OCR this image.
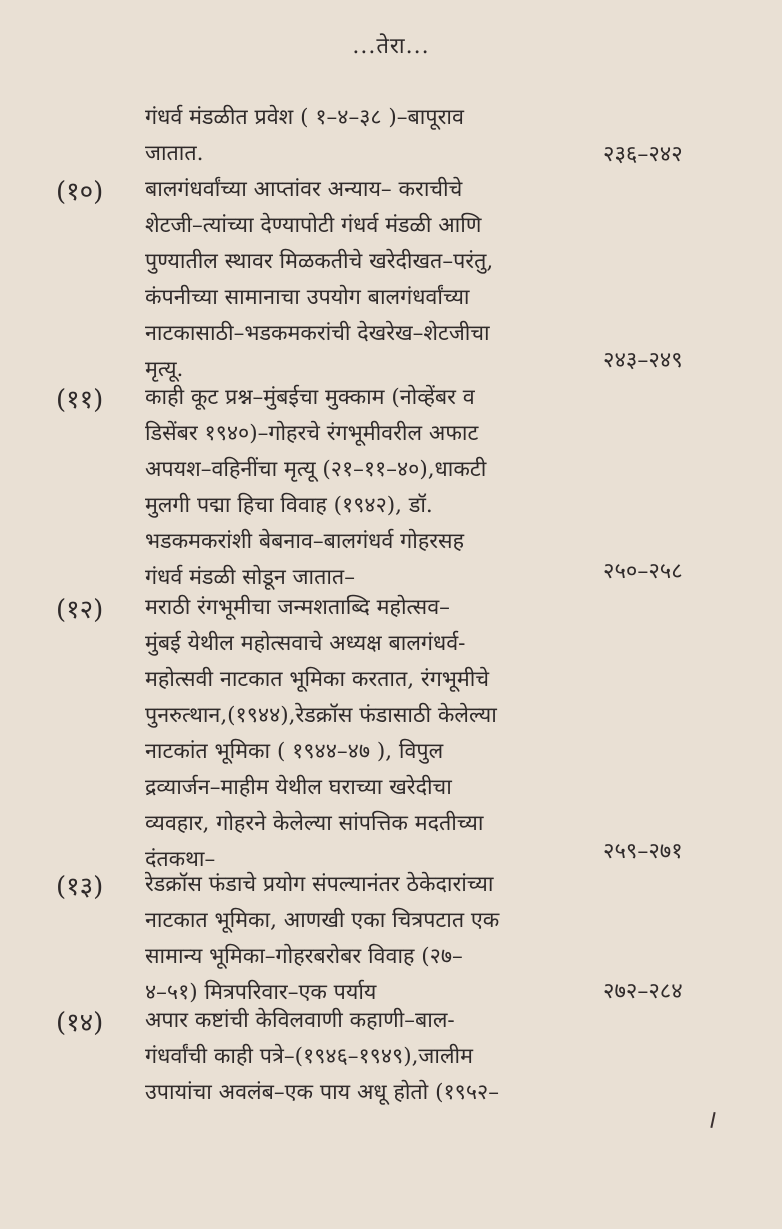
...तेरा...

गंधर्व मंडळीत प्रवेश ( १–४–३८ )–बापूराव
जातात.	२३६–२४२
(१०) बालगंधर्वांच्या आप्तांवर अन्याय– कराचीचे
शेटजी–त्यांच्या देण्यापोटी गंधर्व मंडळी आणि
पुण्यातील स्थावर मिळकतीचे खरेदीखत–परंतु,
कंपनीच्या सामानाचा उपयोग बालगंधर्वांच्या
नाटकासाठी–भडकमकरांची देखरेख–शेटजीचा
मृत्यू.	२४३–२४९
(११) काही कूट प्रश्न–मुंबईचा मुक्काम (नोव्हेंबर व
डिसेंबर १९४०)–गोहरचे रंगभूमीवरील अफाट
अपयश–वहिनींचा मृत्यू (२१–११–४०),धाकटी
मुलगी पद्मा हिचा विवाह (१९४२), डॉ.
भडकमकरांशी बेबनाव–बालगंधर्व गोहरसह
गंधर्व मंडळी सोडून जातात–	२५०–२५८
(१२) मराठी रंगभूमीचा जन्मशताब्दि महोत्सव–
मुंबई येथील महोत्सवाचे अध्यक्ष बालगंधर्व-
महोत्सवी नाटकात भूमिका करतात, रंगभूमीचे
पुनरुत्थान,(१९४४),रेडक्रॉस फंडासाठी केलेल्या
नाटकांत भूमिका ( १९४४–४७ ), विपुल
द्रव्यार्जन–माहीम येथील घराच्या खरेदीचा
व्यवहार, गोहरने केलेल्या सांपत्तिक मदतीच्या
दंतकथा–	२५९–२७१
(१३) रेडक्रॉस फंडाचे प्रयोग संपल्यानंतर ठेकेदारांच्या
नाटकात भूमिका, आणखी एका चित्रपटात एक
सामान्य भूमिका–गोहरबरोबर विवाह (२७–
४–५१) मित्रपरिवार–एक पर्याय	२७२–२८४
(१४) अपार कष्टांची केविलवाणी कहाणी–बाल-
गंधर्वांची काही पत्रे–(१९४६–१९४९),जालीम
उपायांचा अवलंब–एक पाय अधू होतो (१९५२–
